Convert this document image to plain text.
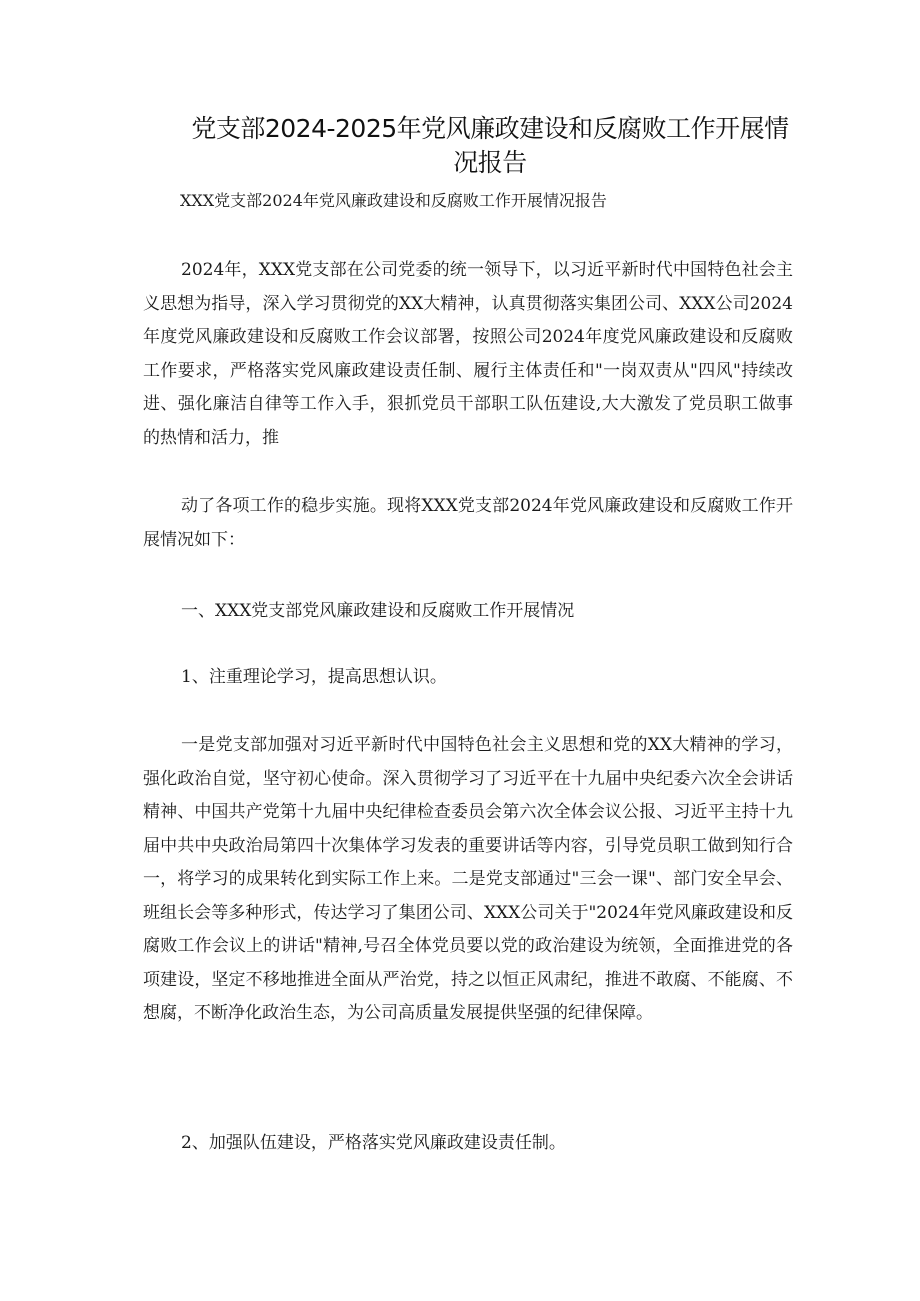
党支部2024-2025年党风廉政建设和反腐败工作开展情
况报告
XXX党支部2024年党风廉政建设和反腐败工作开展情况报告

2024年，XXX党支部在公司党委的统一领导下，以习近平新时代中国特色社会主义思想为指导，深入学习贯彻党的XX大精神，认真贯彻落实集团公司、XXX公司2024年度党风廉政建设和反腐败工作会议部署，按照公司2024年度党风廉政建设和反腐败工作要求，严格落实党风廉政建设责任制、履行主体责任和"一岗双责从"四风"持续改进、强化廉洁自律等工作入手，狠抓党员干部职工队伍建设,大大激发了党员职工做事的热情和活力，推

动了各项工作的稳步实施。现将XXX党支部2024年党风廉政建设和反腐败工作开展情况如下：

一、XXX党支部党风廉政建设和反腐败工作开展情况
1、注重理论学习，提高思想认识。

一是党支部加强对习近平新时代中国特色社会主义思想和党的XX大精神的学习，强化政治自觉，坚守初心使命。深入贯彻学习了习近平在十九届中央纪委六次全会讲话精神、中国共产党第十九届中央纪律检查委员会第六次全体会议公报、习近平主持十九届中共中央政治局第四十次集体学习发表的重要讲话等内容，引导党员职工做到知行合一，将学习的成果转化到实际工作上来。二是党支部通过"三会一课"、部门安全早会、班组长会等多种形式，传达学习了集团公司、XXX公司关于"2024年党风廉政建设和反腐败工作会议上的讲话"精神,号召全体党员要以党的政治建设为统领，全面推进党的各项建设，坚定不移地推进全面从严治党，持之以恒正风肃纪，推进不敢腐、不能腐、不想腐，不断净化政治生态，为公司高质量发展提供坚强的纪律保障。

2、加强队伍建设，严格落实党风廉政建设责任制。
